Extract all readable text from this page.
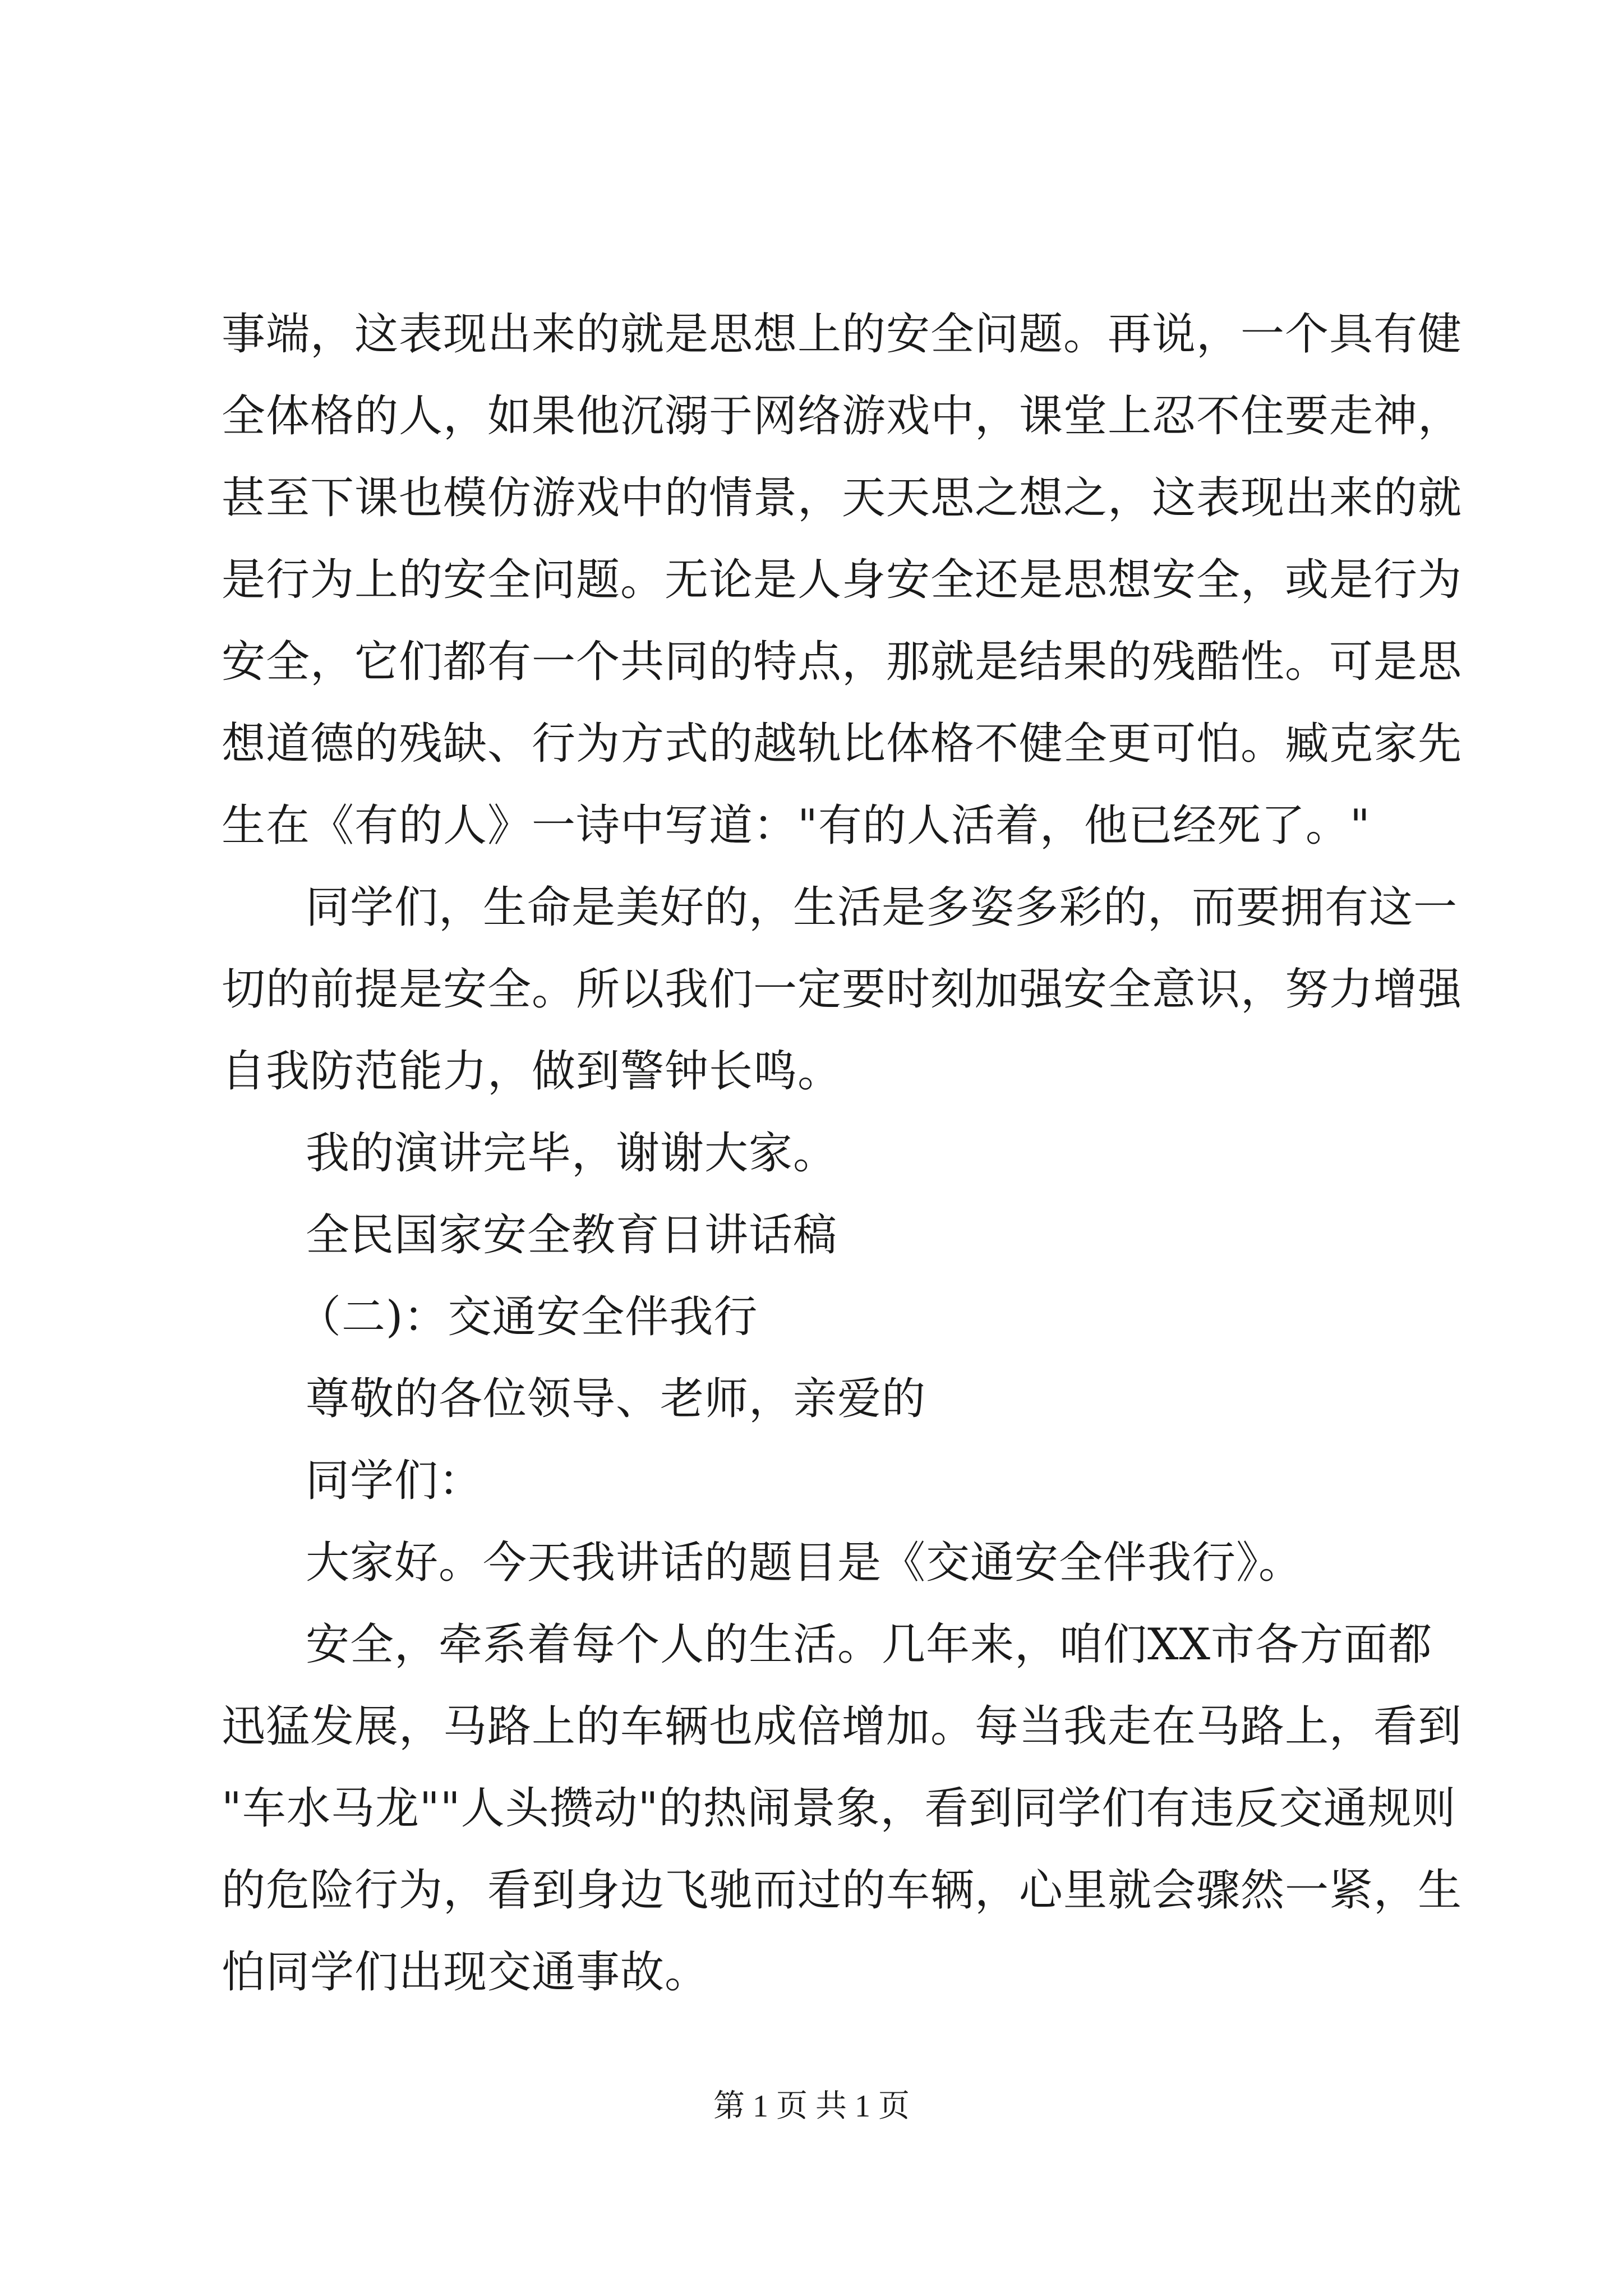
事端，这表现出来的就是思想上的安全问题。再说，一个具有健
全体格的人，如果他沉溺于网络游戏中，课堂上忍不住要走神，
甚至下课也模仿游戏中的情景，天天思之想之，这表现出来的就
是行为上的安全问题。无论是人身安全还是思想安全，或是行为
安全，它们都有一个共同的特点，那就是结果的残酷性。可是思
想道德的残缺、行为方式的越轨比体格不健全更可怕。臧克家先
生在《有的人》一诗中写道："有的人活着，他已经死了。"
同学们，生命是美好的，生活是多姿多彩的，而要拥有这一
切的前提是安全。所以我们一定要时刻加强安全意识，努力增强
自我防范能力，做到警钟长鸣。
我的演讲完毕，谢谢大家。
全民国家安全教育日讲话稿
（二)：交通安全伴我行
尊敬的各位领导、老师，亲爱的
同学们：
大家好。今天我讲话的题目是《交通安全伴我行》。
安全，牵系着每个人的生活。几年来，咱们XX市各方面都
迅猛发展，马路上的车辆也成倍增加。每当我走在马路上，看到
"车水马龙""人头攒动"的热闹景象，看到同学们有违反交通规则
的危险行为，看到身边飞驰而过的车辆，心里就会骤然一紧，生
怕同学们出现交通事故。
第 1 页 共 1 页
